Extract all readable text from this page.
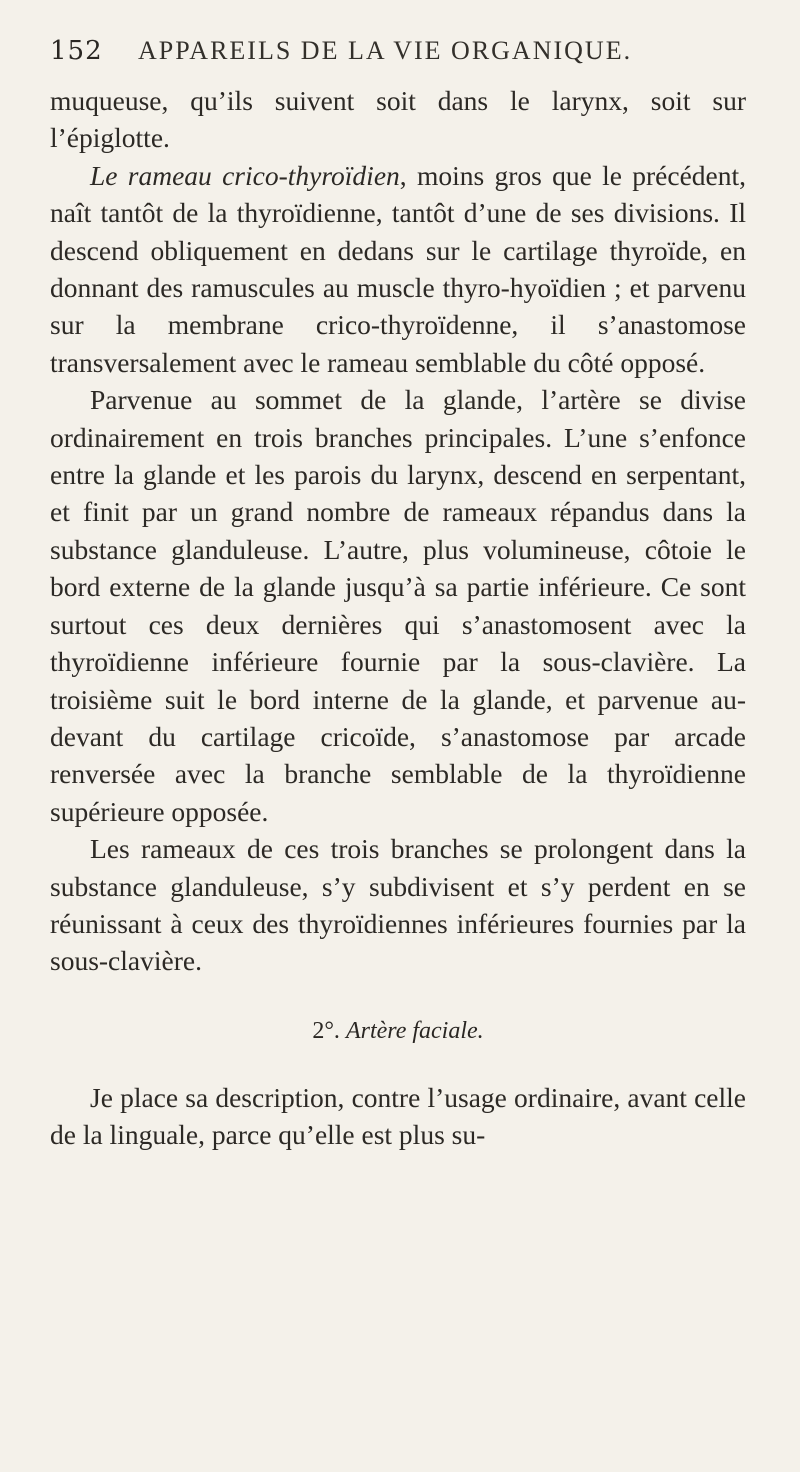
152	APPAREILS DE LA VIE ORGANIQUE.

muqueuse, qu’ils suivent soit dans le larynx, soit sur l’épiglotte.

Le rameau crico-thyroïdien, moins gros que le précédent, naît tantôt de la thyroïdienne, tantôt d’une de ses divisions. Il descend obliquement en dedans sur le cartilage thyroïde, en donnant des ramuscules au muscle thyro-hyoïdien ; et parvenu sur la membrane crico-thyroïdenne, il s’anastomose transversalement avec le rameau semblable du côté opposé.

Parvenue au sommet de la glande, l’artère se divise ordinairement en trois branches principales. L’une s’enfonce entre la glande et les parois du larynx, descend en serpentant, et finit par un grand nombre de rameaux répandus dans la substance glanduleuse. L’autre, plus volumineuse, côtoie le bord externe de la glande jusqu’à sa partie inférieure. Ce sont surtout ces deux dernières qui s’anastomosent avec la thyroïdienne inférieure fournie par la sous-clavière. La troisième suit le bord interne de la glande, et parvenue au-devant du cartilage cricoïde, s’anastomose par arcade renversée avec la branche semblable de la thyroïdienne supérieure opposée.

Les rameaux de ces trois branches se prolongent dans la substance glanduleuse, s’y subdivisent et s’y perdent en se réunissant à ceux des thyroïdiennes inférieures fournies par la sous-clavière.

2°. Artère faciale.

Je place sa description, contre l’usage ordinaire, avant celle de la linguale, parce qu’elle est plus su-
